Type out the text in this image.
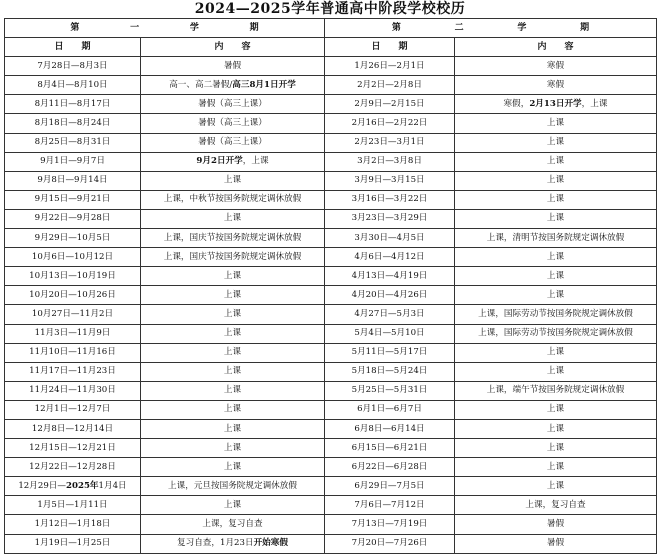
2024—2025学年普通高中阶段学校校历
第 一 学 期		第 二 学 期	

日　　期	内　　容	日　　期	内　　容
7月28日—8月3日	暑假	1月26日—2月1日	寒假
8月4日—8月10日	高一、高二暑假/高三8月1日开学	2月2日—2月8日	寒假
8月11日—8月17日	暑假（高三上课）	2月9日—2月15日	寒假，2月13日开学，上课
8月18日—8月24日	暑假（高三上课）	2月16日—2月22日	上课
8月25日—8月31日	暑假（高三上课）	2月23日—3月1日	上课
9月1日—9月7日	9月2日开学，上课	3月2日—3月8日	上课
9月8日—9月14日	上课	3月9日—3月15日	上课
9月15日—9月21日	上课，中秋节按国务院规定调休放假	3月16日—3月22日	上课
9月22日—9月28日	上课	3月23日—3月29日	上课
9月29日—10月5日	上课，国庆节按国务院规定调休放假	3月30日—4月5日	上课，清明节按国务院规定调休放假
10月6日—10月12日	上课，国庆节按国务院规定调休放假	4月6日—4月12日	上课
10月13日—10月19日	上课	4月13日—4月19日	上课
10月20日—10月26日	上课	4月20日—4月26日	上课
10月27日—11月2日	上课	4月27日—5月3日	上课，国际劳动节按国务院规定调休放假
11月3日—11月9日	上课	5月4日—5月10日	上课，国际劳动节按国务院规定调休放假
11月10日—11月16日	上课	5月11日—5月17日	上课
11月17日—11月23日	上课	5月18日—5月24日	上课
11月24日—11月30日	上课	5月25日—5月31日	上课，端午节按国务院规定调休放假
12月1日—12月7日	上课	6月1日—6月7日	上课
12月8日—12月14日	上课	6月8日—6月14日	上课
12月15日—12月21日	上课	6月15日—6月21日	上课
12月22日—12月28日	上课	6月22日—6月28日	上课
12月29日—2025年1月4日	上课，元旦按国务院规定调休放假	6月29日—7月5日	上课
1月5日—1月11日	上课	7月6日—7月12日	上课，复习自查
1月12日—1月18日	上课，复习自查	7月13日—7月19日	暑假
1月19日—1月25日	复习自查，1月23日开始寒假	7月20日—7月26日	暑假
